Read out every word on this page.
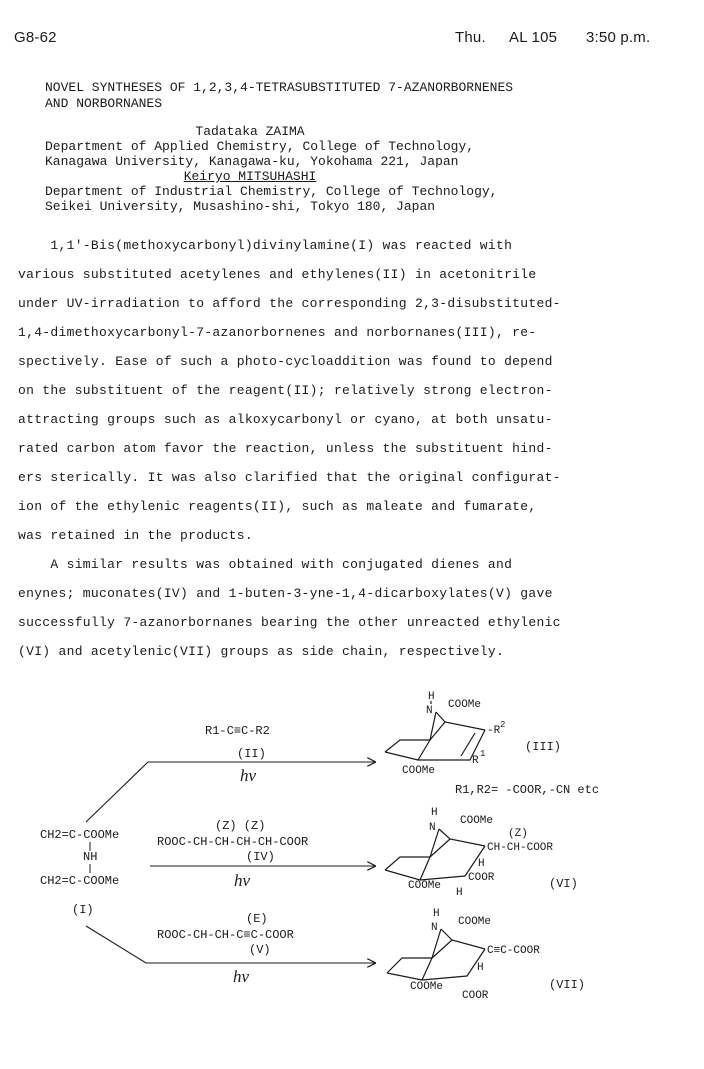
G8-62	Thu. AL 105 3:50 p.m.
NOVEL SYNTHESES OF 1,2,3,4-TETRASUBSTITUTED 7-AZANORBORNENES
AND NORBORNANES
Tadataka ZAIMA
Department of Applied Chemistry, College of Technology,
Kanagawa University, Kanagawa-ku, Yokohama 221, Japan

Keiryo MITSUHASHI
Department of Industrial Chemistry, College of Technology,
Seikei University, Musashino-shi, Tokyo 180, Japan
1,1'-Bis(methoxycarbonyl)divinylamine(I) was reacted with
various substituted acetylenes and ethylenes(II) in acetonitrile
under UV-irradiation to afford the corresponding 2,3-disubstituted-
1,4-dimethoxycarbonyl-7-azanorbornenes and norbornanes(III), re-
spectively. Ease of such a photo-cycloaddition was found to depend
on the substituent of the reagent(II); relatively strong electron-
attracting groups such as alkoxycarbonyl or cyano, at both unsatu-
rated carbon atom favor the reaction, unless the substituent hind-
ers sterically. It was also clarified that the original configurat-
ion of the ethylenic reagents(II), such as maleate and fumarate,
was retained in the products.
A similar results was obtained with conjugated dienes and
enynes; muconates(IV) and 1-buten-3-yne-1,4-dicarboxylates(V) gave
successfully 7-azanorbornanes bearing the other unreacted ethylenic
(VI) and acetylenic(VII) groups as side chain, respectively.
CH2=C-COOMe
NH
CH2=C-COOMe
(I)
R1-C≡C-R2
(II)
hν
(Z) (Z)
ROOC-CH-CH-CH-CH-COOR
(IV)
hν
(E)
ROOC-CH-CH-C≡C-COOR
(V)
hν
H
N COOMe
-R 2
R
1
COOMe
(III)
R1,R2= -COOR,-CN etc
H
N
COOMe
(Z)
CH-CH-COOR
H
COOR
COOMe
H
(VI)
H
N COOMe
C≡C-COOR
H
COOMe
COOR
(VII)
